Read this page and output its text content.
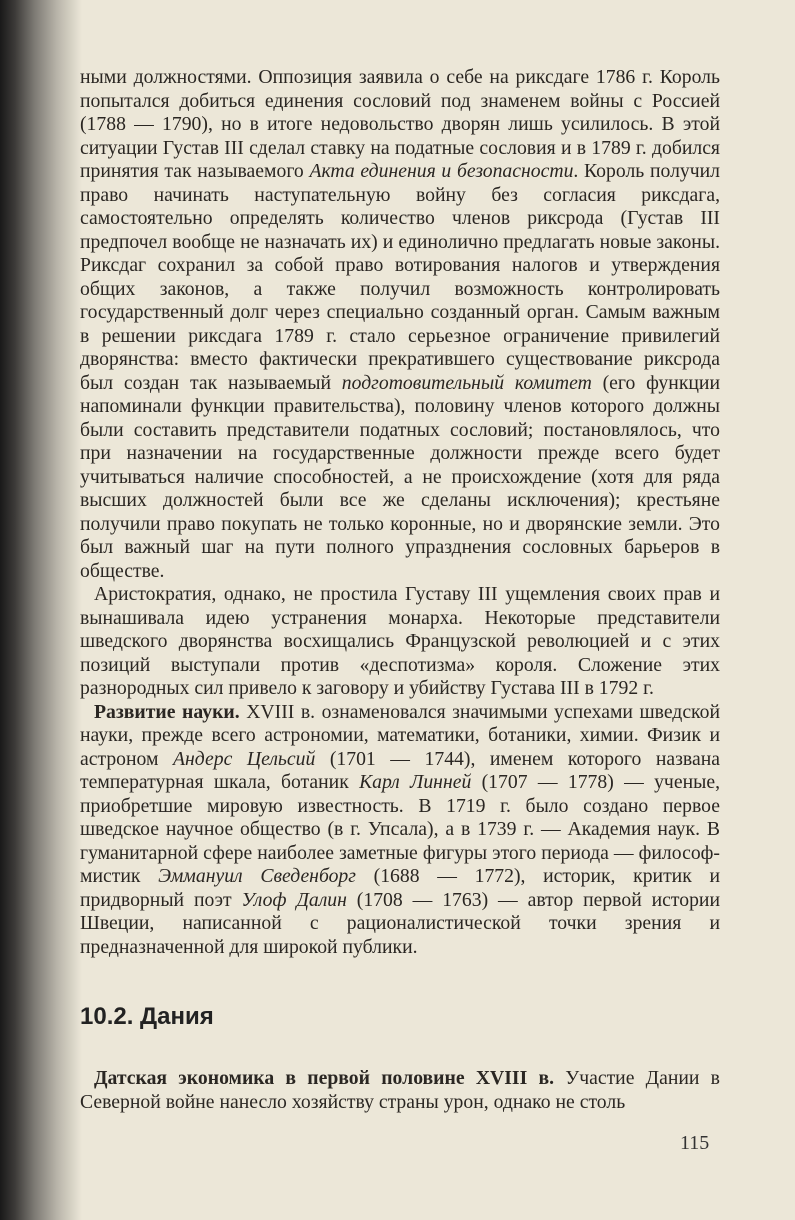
ными должностями. Оппозиция заявила о себе на риксдаге 1786 г. Король попытался добиться единения сословий под знаменем войны с Россией (1788 — 1790), но в итоге недовольство дворян лишь усилилось. В этой ситуации Густав III сделал ставку на податные сословия и в 1789 г. добился принятия так называемого Акта единения и безопасности. Король получил право начинать наступательную войну без согласия риксдага, самостоятельно определять количество членов риксрода (Густав III предпочел вообще не назначать их) и единолично предлагать новые законы. Риксдаг сохранил за собой право вотирования налогов и утверждения общих законов, а также получил возможность контролировать государственный долг через специально созданный орган. Самым важным в решении риксдага 1789 г. стало серьезное ограничение привилегий дворянства: вместо фактически прекратившего существование риксрода был создан так называемый подготовительный комитет (его функции напоминали функции правительства), половину членов которого должны были составить представители податных сословий; постановлялось, что при назначении на государственные должности прежде всего будет учитываться наличие способностей, а не происхождение (хотя для ряда высших должностей были все же сделаны исключения); крестьяне получили право покупать не только коронные, но и дворянские земли. Это был важный шаг на пути полного упразднения сословных барьеров в обществе.

Аристократия, однако, не простила Густаву III ущемления своих прав и вынашивала идею устранения монарха. Некоторые представители шведского дворянства восхищались Французской революцией и с этих позиций выступали против «деспотизма» короля. Сложение этих разнородных сил привело к заговору и убийству Густава III в 1792 г.

Развитие науки. XVIII в. ознаменовался значимыми успехами шведской науки, прежде всего астрономии, математики, ботаники, химии. Физик и астроном Андерс Цельсий (1701 — 1744), именем которого названа температурная шкала, ботаник Карл Линней (1707 — 1778) — ученые, приобретшие мировую известность. В 1719 г. было создано первое шведское научное общество (в г. Упсала), а в 1739 г. — Академия наук. В гуманитарной сфере наиболее заметные фигуры этого периода — философ-мистик Эммануил Сведенборг (1688 — 1772), историк, критик и придворный поэт Улоф Далин (1708 — 1763) — автор первой истории Швеции, написанной с рационалистической точки зрения и предназначенной для широкой публики.

10.2. Дания

Датская экономика в первой половине XVIII в. Участие Дании в Северной войне нанесло хозяйству страны урон, однако не столь

115
